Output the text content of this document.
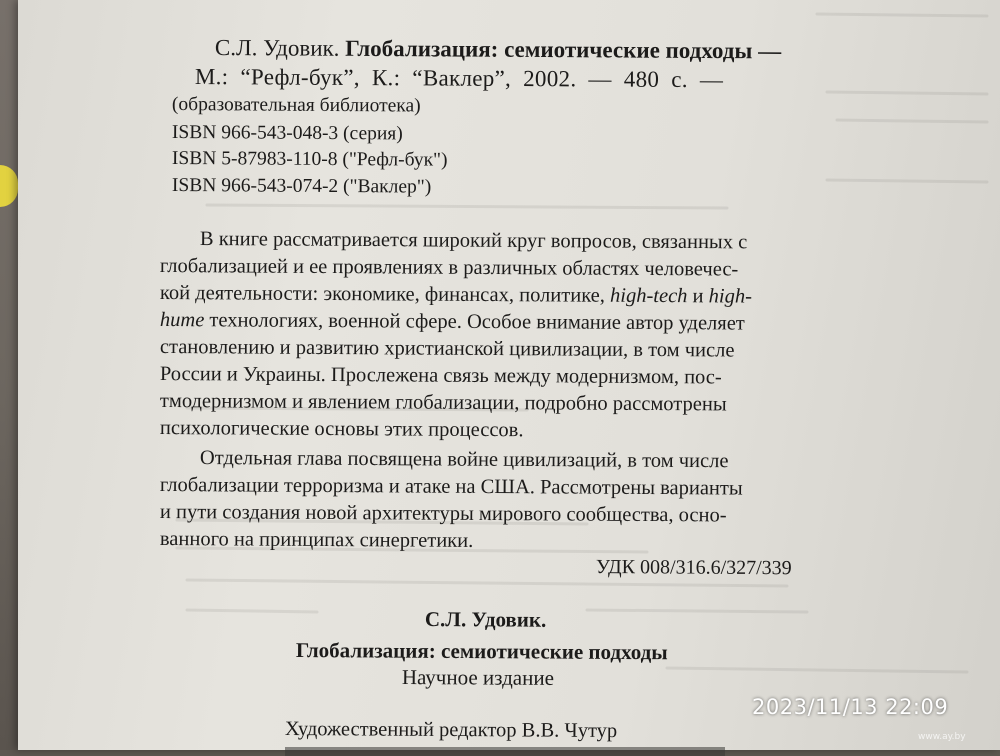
С.Л. Удовик. Глобализация: семиотические подходы —
М.: “Рефл-бук”, К.: “Ваклер”, 2002. — 480 с. —
(образовательная библиотека)
ISBN 966-543-048-3 (серия)
ISBN 5-87983-110-8 ("Рефл-бук")
ISBN 966-543-074-2 ("Ваклер")
В книге рассматривается широкий круг вопросов, связанных с
глобализацией и ее проявлениях в различных областях человечес-
кой деятельности: экономике, финансах, политике, high-tech и high-
hume технологиях, военной сфере. Особое внимание автор уделяет
становлению и развитию христианской цивилизации, в том числе
России и Украины. Прослежена связь между модернизмом, пос-
тмодернизмом и явлением глобализации, подробно рассмотрены
психологические основы этих процессов.
Отдельная глава посвящена войне цивилизаций, в том числе
глобализации терроризма и атаке на США. Рассмотрены варианты
и пути создания новой архитектуры мирового сообщества, осно-
ванного на принципах синергетики.
УДК 008/316.6/327/339
С.Л. Удовик.
Глобализация: семиотические подходы
Научное издание
Художественный редактор В.В. Чутур
2023/11/13 22:09
www.ay.by
